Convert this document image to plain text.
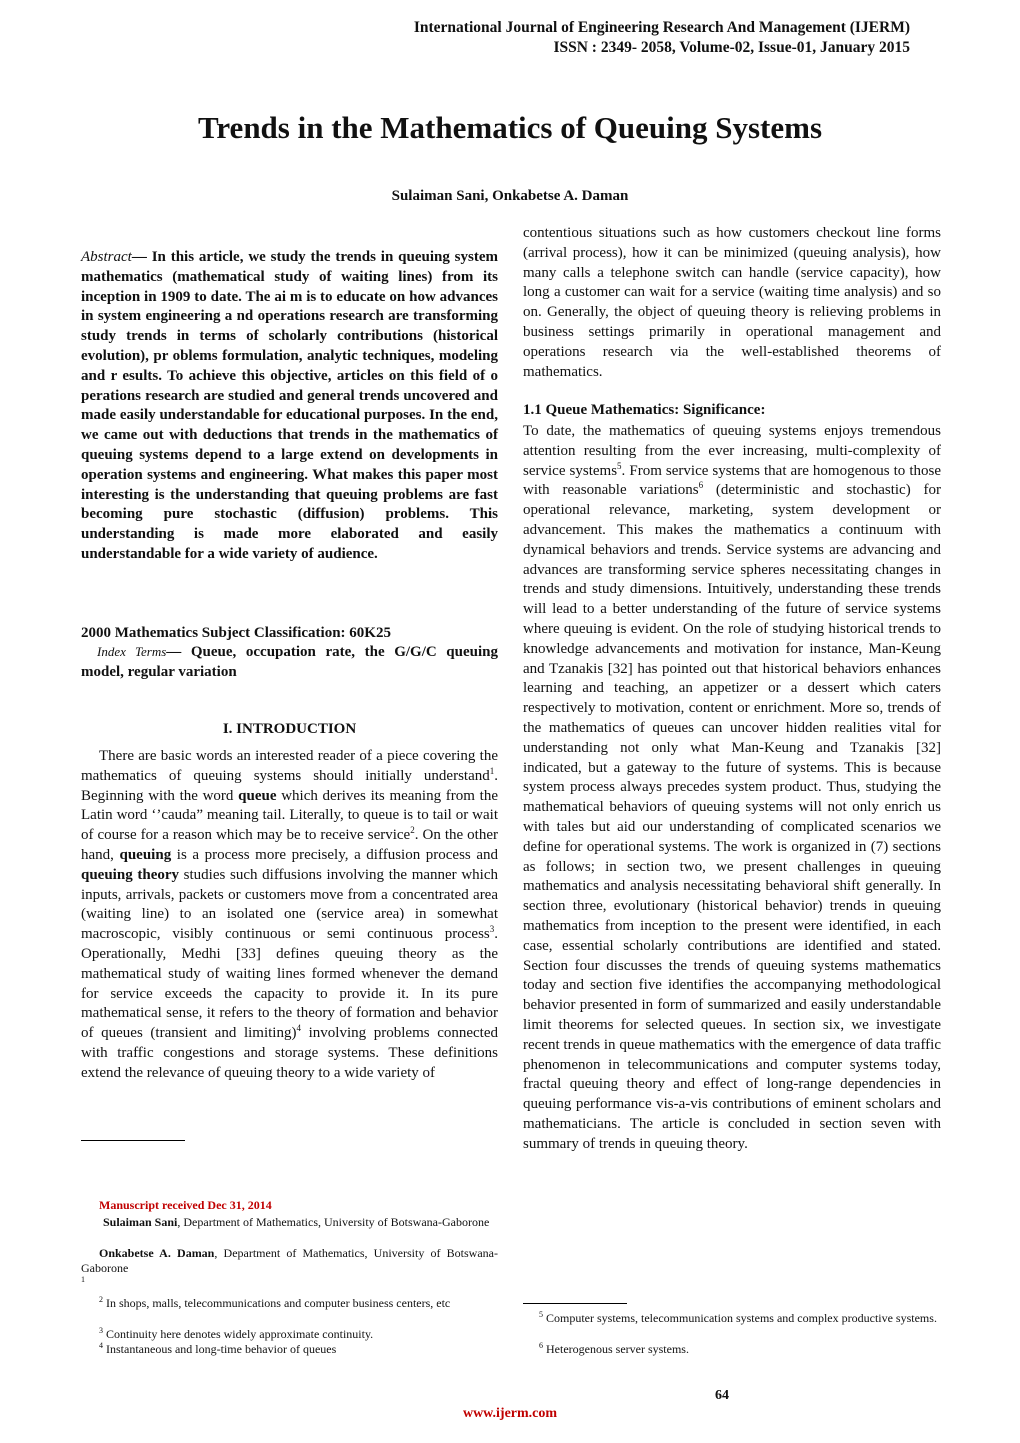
International Journal of Engineering Research And Management (IJERM)
ISSN : 2349- 2058, Volume-02, Issue-01, January 2015
Trends in the Mathematics of Queuing Systems
Sulaiman Sani, Onkabetse A. Daman
Abstract— In this article, we study the trends in queuing system mathematics (mathematical study of waiting lines) from its inception in 1909 to date. The ai m is to educate on how advances in system engineering a nd operations research are transforming study trends in terms of scholarly contributions (historical evolution), pr oblems formulation, analytic techniques, modeling and r esults. To achieve this objective, articles on this field of o perations research are studied and general trends uncovered and made easily understandable for educational purposes. In the end, we came out with deductions that trends in the mathematics of queuing systems depend to a large extend on developments in operation systems and engineering. What makes this paper most interesting is the understanding that queuing problems are fast becoming pure stochastic (diffusion) problems. This understanding is made more elaborated and easily understandable for a wide variety of audience.
2000 Mathematics Subject Classification: 60K25
Index Terms— Queue, occupation rate, the G/G/C queuing model, regular variation
I. INTRODUCTION
There are basic words an interested reader of a piece covering the mathematics of queuing systems should initially understand$^1$. Beginning with the word queue which derives its meaning from the Latin word ‘’cauda” meaning tail. Literally, to queue is to tail or wait of course for a reason which may be to receive service$^2$. On the other hand, queuing is a process more precisely, a diffusion process and queuing theory studies such diffusions involving the manner which inputs, arrivals, packets or customers move from a concentrated area (waiting line) to an isolated one (service area) in somewhat macroscopic, visibly continuous or semi continuous process$^3$. Operationally, Medhi [33] defines queuing theory as the mathematical study of waiting lines formed whenever the demand for service exceeds the capacity to provide it. In its pure mathematical sense, it refers to the theory of formation and behavior of queues (transient and limiting)$^4$ involving problems connected with traffic congestions and storage systems. These definitions extend the relevance of queuing theory to a wide variety of
Manuscript received Dec 31, 2014
Sulaiman Sani, Department of Mathematics, University of Botswana-Gaborone
Onkabetse A. Daman, Department of Mathematics, University of Botswana-Gaborone
$^1$
$^2$ In shops, malls, telecommunications and computer business centers, etc
$^3$ Continuity here denotes widely approximate continuity.
$^4$ Instantaneous and long-time behavior of queues
contentious situations such as how customers checkout line forms (arrival process), how it can be minimized (queuing analysis), how many calls a telephone switch can handle (service capacity), how long a customer can wait for a service (waiting time analysis) and so on. Generally, the object of queuing theory is relieving problems in business settings primarily in operational management and operations research via the well-established theorems of mathematics.
1.1 Queue Mathematics: Significance:
To date, the mathematics of queuing systems enjoys tremendous attention resulting from the ever increasing, multi-complexity of service systems$^5$. From service systems that are homogenous to those with reasonable variations$^6$ (deterministic and stochastic) for operational relevance, marketing, system development or advancement. This makes the mathematics a continuum with dynamical behaviors and trends. Service systems are advancing and advances are transforming service spheres necessitating changes in trends and study dimensions. Intuitively, understanding these trends will lead to a better understanding of the future of service systems where queuing is evident. On the role of studying historical trends to knowledge advancements and motivation for instance, Man-Keung and Tzanakis [32] has pointed out that historical behaviors enhances learning and teaching, an appetizer or a dessert which caters respectively to motivation, content or enrichment. More so, trends of the mathematics of queues can uncover hidden realities vital for understanding not only what Man-Keung and Tzanakis [32] indicated, but a gateway to the future of systems. This is because system process always precedes system product. Thus, studying the mathematical behaviors of queuing systems will not only enrich us with tales but aid our understanding of complicated scenarios we define for operational systems. The work is organized in (7) sections as follows; in section two, we present challenges in queuing mathematics and analysis necessitating behavioral shift generally. In section three, evolutionary (historical behavior) trends in queuing mathematics from inception to the present were identified, in each case, essential scholarly contributions are identified and stated. Section four discusses the trends of queuing systems mathematics today and section five identifies the accompanying methodological behavior presented in form of summarized and easily understandable limit theorems for selected queues. In section six, we investigate recent trends in queue mathematics with the emergence of data traffic phenomenon in telecommunications and computer systems today, fractal queuing theory and effect of long-range dependencies in queuing performance vis-a-vis contributions of eminent scholars and mathematicians. The article is concluded in section seven with summary of trends in queuing theory.
$^5$ Computer systems, telecommunication systems and complex productive systems.
$^6$ Heterogenous server systems.
64
www.ijerm.com
